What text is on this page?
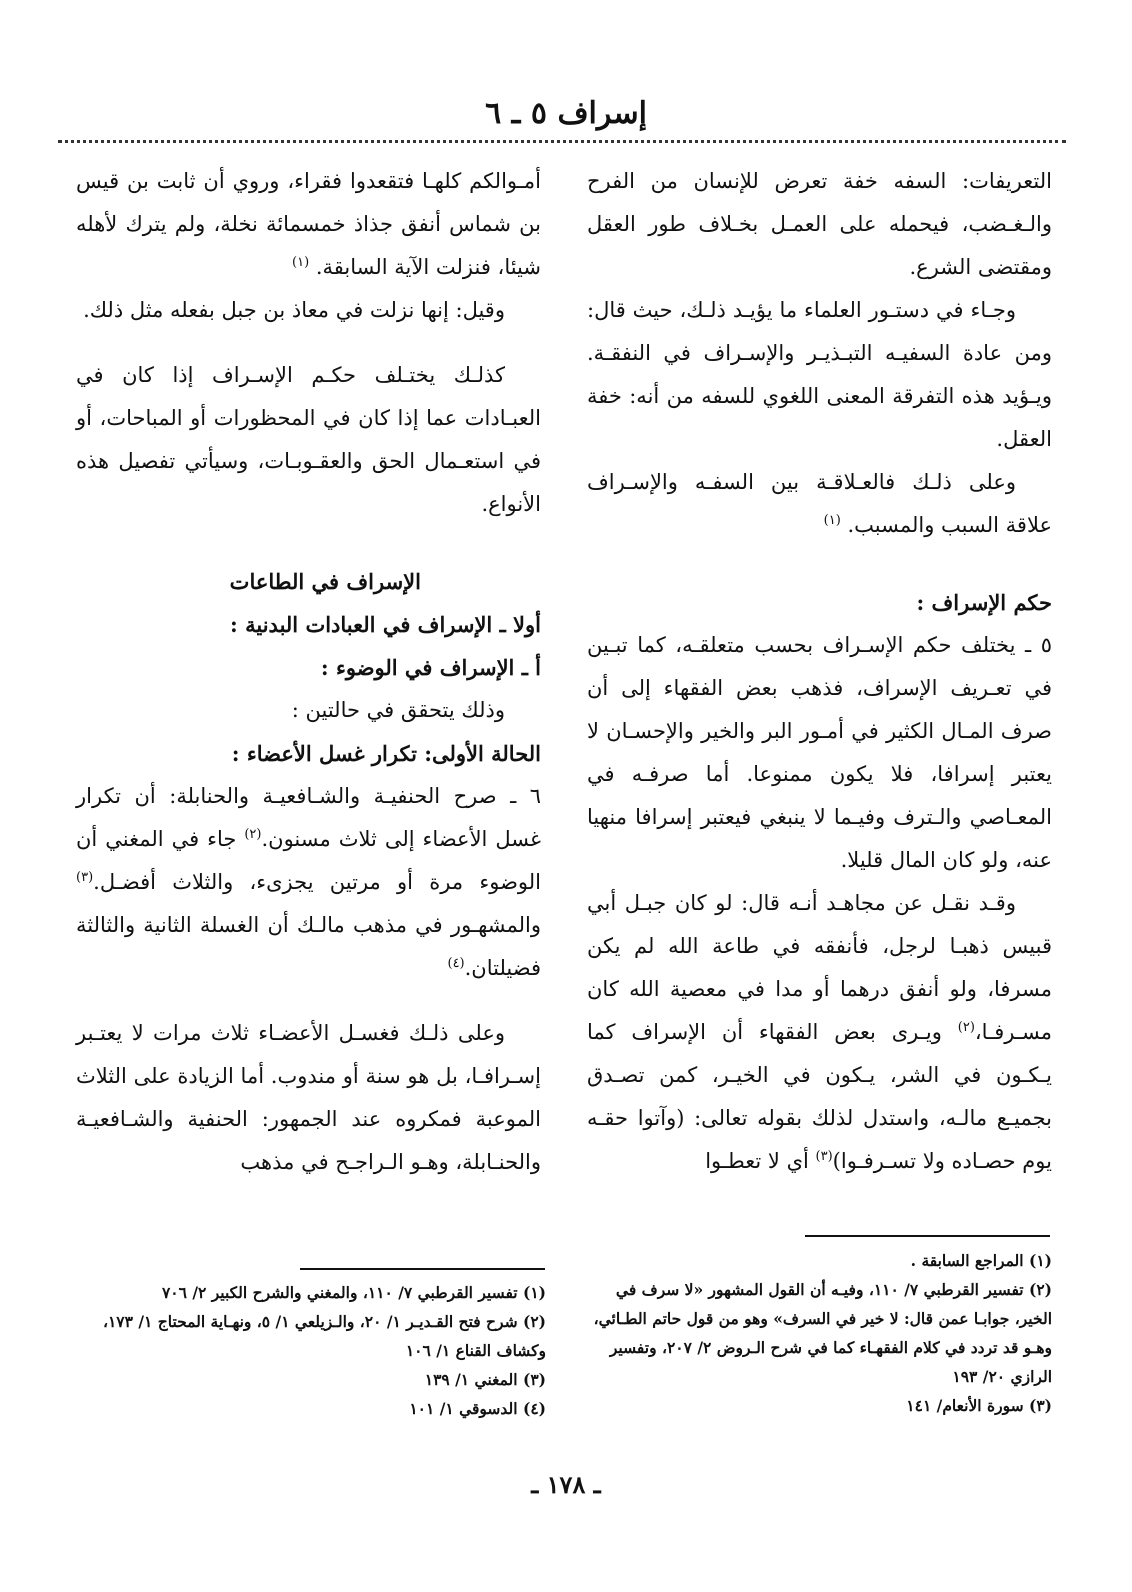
إسراف ٥ ـ ٦

التعريفات: السفه خفة تعرض للإنسان من الفرح والـغـضب، فيحمله على العمـل بخـلاف طور العقل ومقتضى الشرع.

وجـاء في دستـور العلماء ما يؤيـد ذلـك، حيث قال: ومن عادة السفيـه التبـذيـر والإسـراف في النفقـة. ويـؤيد هذه التفرقة المعنى اللغوي للسفه من أنه: خفة العقل.

وعلى ذلـك فالعـلاقـة بين السفـه والإسـراف علاقة السبب والمسبب. $^{(١)}$

حكم الإسراف :

٥ ـ يختلف حكم الإسـراف بحسب متعلقـه، كما تبـين في تعـريف الإسراف، فذهب بعض الفقهاء إلى أن صرف المـال الكثير في أمـور البر والخير والإحسـان لا يعتبر إسرافا، فلا يكون ممنوعا. أما صرفـه في المعـاصي والـترف وفيـما لا ينبغي فيعتبر إسرافا منهيا عنه، ولو كان المال قليلا.

وقـد نقـل عن مجاهـد أنـه قال: لو كان جبـل أبي قبيس ذهبـا لرجل، فأنفقه في طاعة الله لم يكن مسرفا، ولو أنفق درهما أو مدا في معصية الله كان مسـرفـا،$^{(٢)}$ ويـرى بعض الفقهاء أن الإسراف كما يـكـون في الشر، يـكون في الخيـر، كمن تصـدق بجميـع مالـه، واستدل لذلك بقوله تعالى: (وآتوا حقـه يوم حصـاده ولا تسـرفـوا)$^{(٣)}$ أي لا تعطـوا

أمـوالكم كلهـا فتقعدوا فقراء، وروي أن ثابت بن قيس بن شماس أنفق جذاذ خمسمائة نخلة، ولم يترك لأهله شيئا، فنزلت الآية السابقة. $^{(١)}$

وقيل: إنها نزلت في معاذ بن جبل بفعله مثل ذلك.

كذلـك يختـلف حكـم الإسـراف إذا كان في العبـادات عما إذا كان في المحظورات أو المباحات، أو في استعـمال الحق والعقـوبـات، وسيأتي تفصيل هذه الأنواع.

الإسراف في الطاعات

أولا ـ الإسراف في العبادات البدنية :

أ ـ الإسراف في الوضوء :

وذلك يتحقق في حالتين :

الحالة الأولى: تكرار غسل الأعضاء :

٦ ـ صرح الحنفيـة والشـافعيـة والحنابلة: أن تكرار غسل الأعضاء إلى ثلاث مسنون.$^{(٢)}$ جاء في المغني أن الوضوء مرة أو مرتين يجزىء، والثلاث أفضـل.$^{(٣)}$ والمشهـور في مذهب مالـك أن الغسلة الثانية والثالثة فضيلتان.$^{(٤)}$

وعلى ذلـك فغسـل الأعضـاء ثلاث مرات لا يعتـبر إسـرافـا، بل هو سنة أو مندوب. أما الزيادة على الثلاث الموعبة فمكروه عند الجمهور: الحنفية والشـافعيـة والحنـابلة، وهـو الـراجـح في مذهب

(١) المراجع السابقة .

(٢) تفسير القرطبي ٧/ ١١٠، وفيـه أن القول المشهور «لا سرف في الخير، جوابـا عمن قال: لا خير في السرف» وهو من قول حاتم الطـائي، وهـو قد تردد في كلام الفقهـاء كما في شرح الـروض ٢/ ٢٠٧، وتفسير الرازي ٢٠/ ١٩٣

(٣) سورة الأنعام/ ١٤١

(١) تفسير القرطبي ٧/ ١١٠، والمغني والشرح الكبير ٢/ ٧٠٦

(٢) شرح فتح القـديـر ١/ ٢٠، والـزيلعي ١/ ٥، ونهـاية المحتاج ١/ ١٧٣، وكشاف القناع ١/ ١٠٦

(٣) المغني ١/ ١٣٩

(٤) الدسوقي ١/ ١٠١

ـ ١٧٨ ـ
